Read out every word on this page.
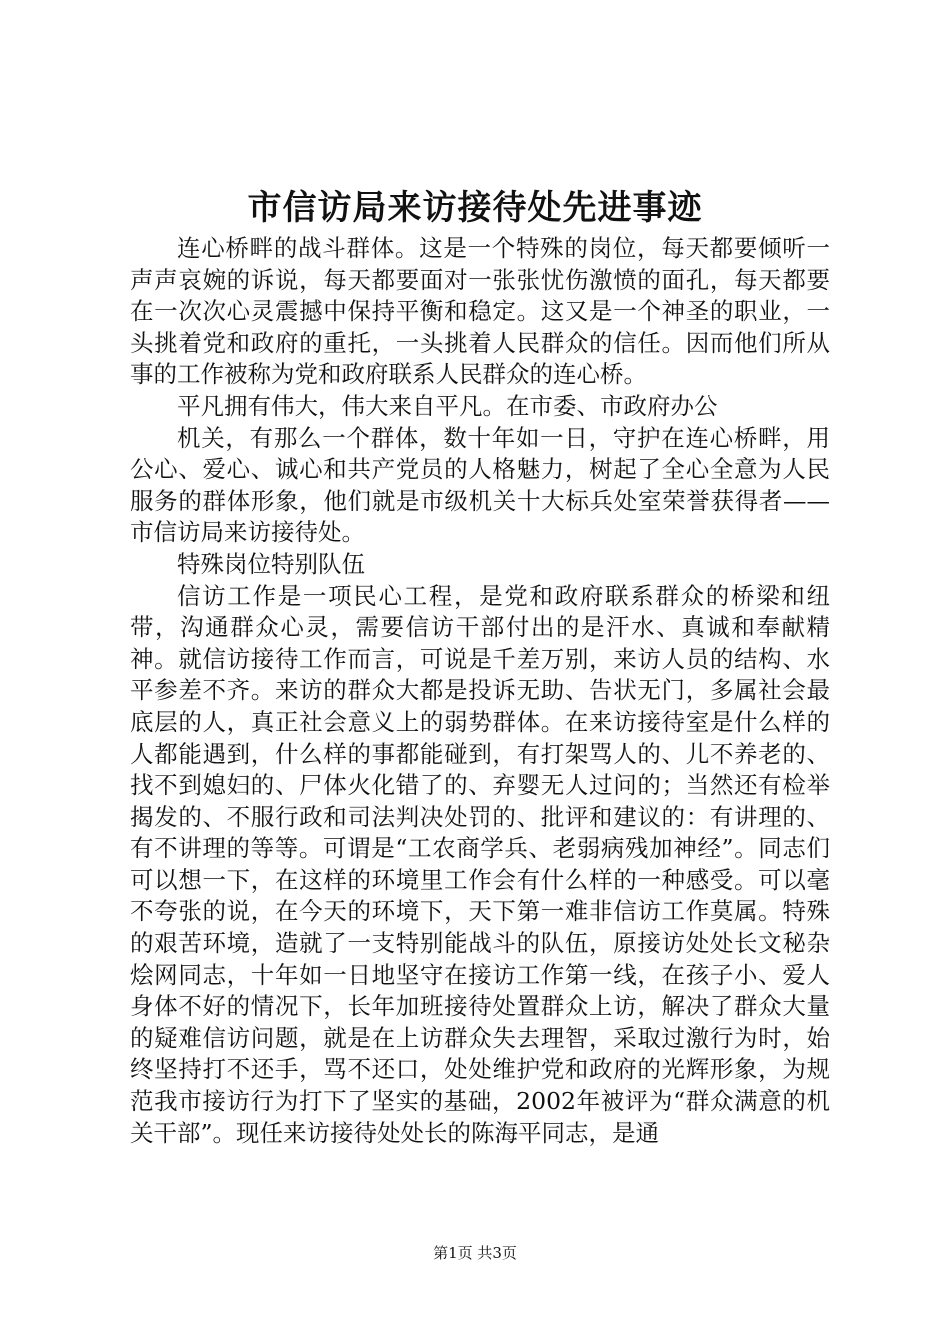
市信访局来访接待处先进事迹

连心桥畔的战斗群体。这是一个特殊的岗位，每天都要倾听一声声哀婉的诉说，每天都要面对一张张忧伤激愤的面孔，每天都要在一次次心灵震撼中保持平衡和稳定。这又是一个神圣的职业，一头挑着党和政府的重托，一头挑着人民群众的信任。因而他们所从事的工作被称为党和政府联系人民群众的连心桥。

平凡拥有伟大，伟大来自平凡。在市委、市政府办公

机关，有那么一个群体，数十年如一日，守护在连心桥畔，用公心、爱心、诚心和共产党员的人格魅力，树起了全心全意为人民服务的群体形象，他们就是市级机关十大标兵处室荣誉获得者——市信访局来访接待处。

特殊岗位特别队伍

信访工作是一项民心工程，是党和政府联系群众的桥梁和纽带，沟通群众心灵，需要信访干部付出的是汗水、真诚和奉献精神。就信访接待工作而言，可说是千差万别，来访人员的结构、水平参差不齐。来访的群众大都是投诉无助、告状无门，多属社会最底层的人，真正社会意义上的弱势群体。在来访接待室是什么样的人都能遇到，什么样的事都能碰到，有打架骂人的、儿不养老的、找不到媳妇的、尸体火化错了的、弃婴无人过问的；当然还有检举揭发的、不服行政和司法判决处罚的、批评和建议的：有讲理的、有不讲理的等等。可谓是“工农商学兵、老弱病残加神经”。同志们可以想一下，在这样的环境里工作会有什么样的一种感受。可以毫不夸张的说，在今天的环境下，天下第一难非信访工作莫属。特殊的艰苦环境，造就了一支特别能战斗的队伍，原接访处处长文秘杂烩网同志，十年如一日地坚守在接访工作第一线，在孩子小、爱人身体不好的情况下，长年加班接待处置群众上访，解决了群众大量的疑难信访问题，就是在上访群众失去理智，采取过激行为时，始终坚持打不还手，骂不还口，处处维护党和政府的光辉形象，为规范我市接访行为打下了坚实的基础，2002年被评为“群众满意的机关干部”。现任来访接待处处长的陈海平同志，是通

第1页 共3页
